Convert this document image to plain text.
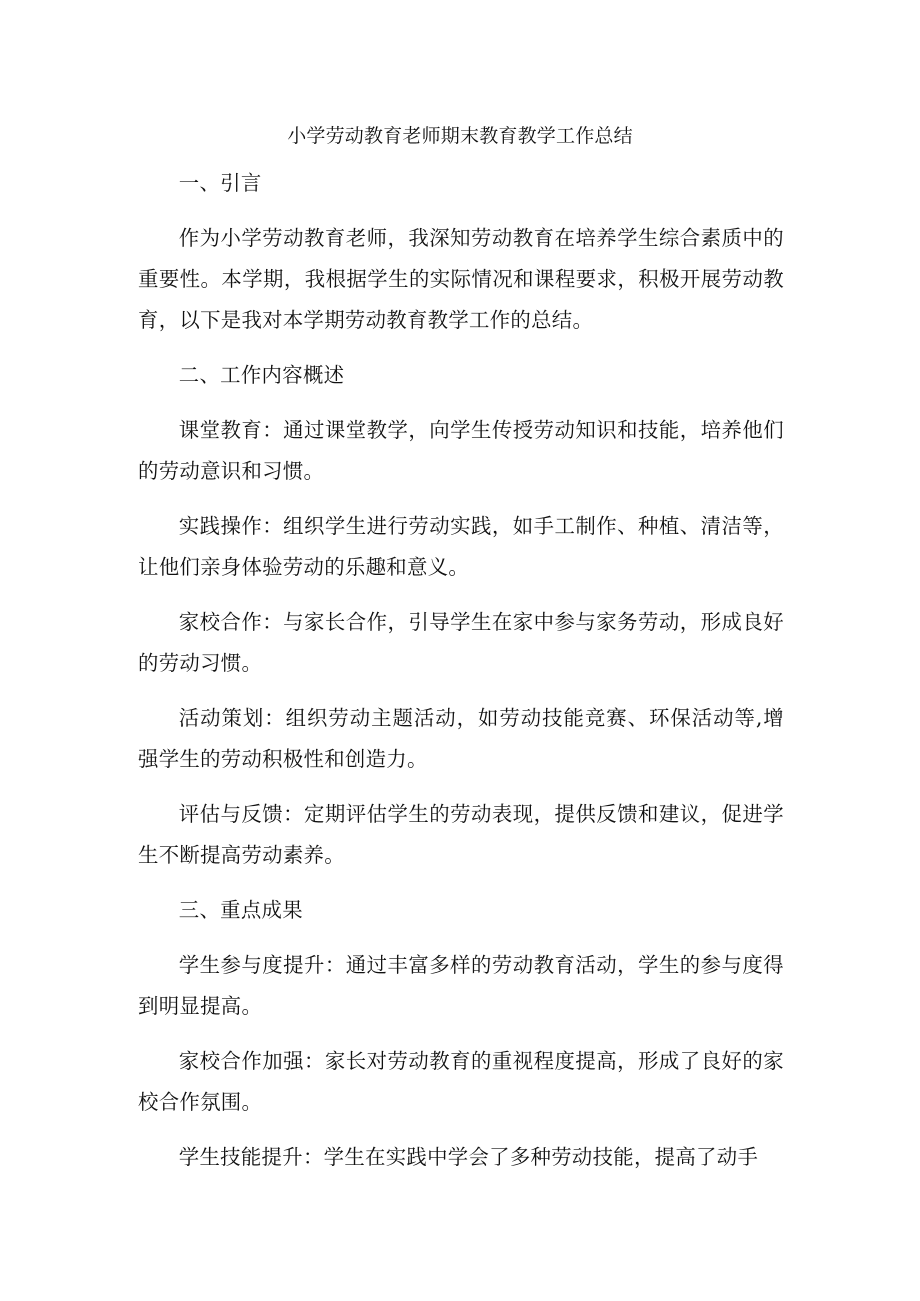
小学劳动教育老师期末教育教学工作总结

一、引言

作为小学劳动教育老师，我深知劳动教育在培养学生综合素质中的重要性。本学期，我根据学生的实际情况和课程要求，积极开展劳动教育，以下是我对本学期劳动教育教学工作的总结。

二、工作内容概述

课堂教育：通过课堂教学，向学生传授劳动知识和技能，培养他们的劳动意识和习惯。

实践操作：组织学生进行劳动实践，如手工制作、种植、清洁等，让他们亲身体验劳动的乐趣和意义。

家校合作：与家长合作，引导学生在家中参与家务劳动，形成良好的劳动习惯。

活动策划：组织劳动主题活动，如劳动技能竞赛、环保活动等,增强学生的劳动积极性和创造力。

评估与反馈：定期评估学生的劳动表现，提供反馈和建议，促进学生不断提高劳动素养。

三、重点成果

学生参与度提升：通过丰富多样的劳动教育活动，学生的参与度得到明显提高。

家校合作加强：家长对劳动教育的重视程度提高，形成了良好的家校合作氛围。

学生技能提升：学生在实践中学会了多种劳动技能，提高了动手
